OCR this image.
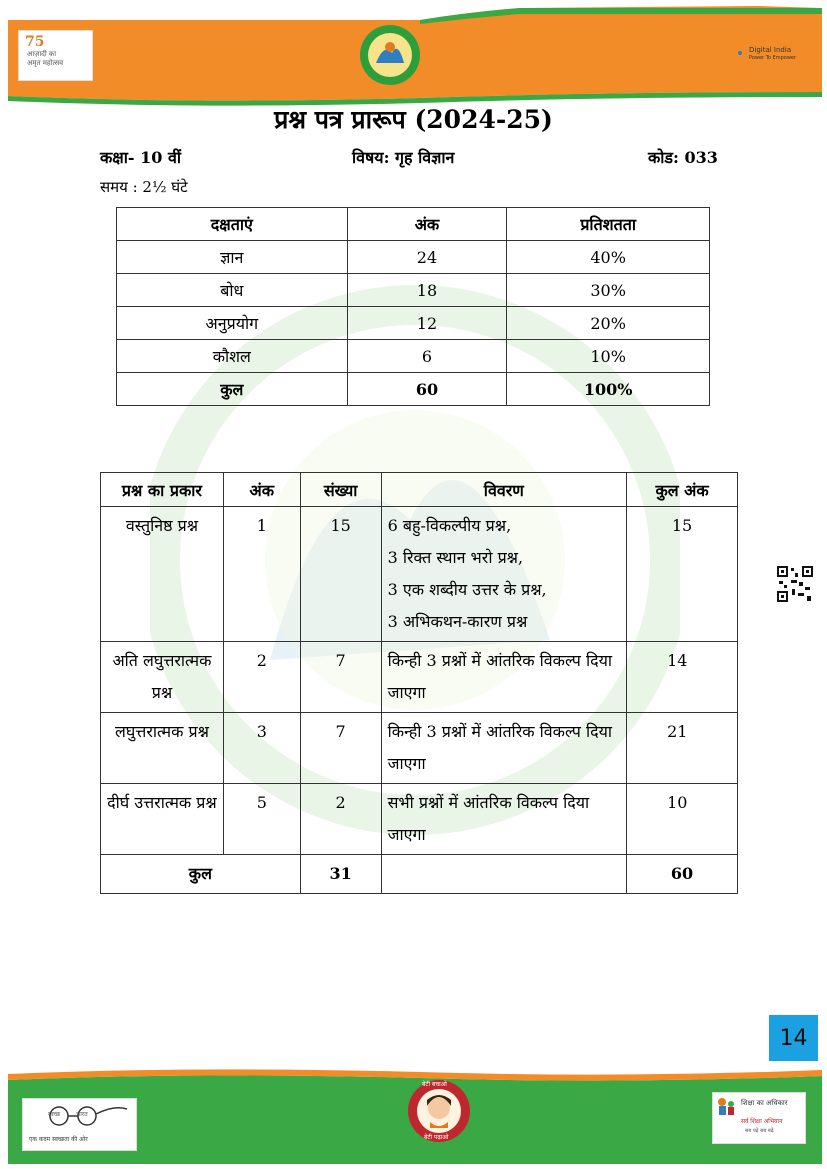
75
आज़ादी का
अमृत महोत्सव
Digital India
Power To Empower
प्रश्न पत्र प्रारूप (2024-25)
कक्षा- 10 वीं	विषय: गृह विज्ञान	कोड: 033
समय : 2½ घंटे
दक्षताएं	अंक	प्रतिशतता
ज्ञान	24	40%
बोध	18	30%
अनुप्रयोग	12	20%
कौशल	6	10%
कुल	60	100%
प्रश्न का प्रकार	अंक	संख्या	विवरण	कुल अंक
वस्तुनिष्ठ प्रश्न	1	15	6 बहु-विकल्पीय प्रश्न,
3 रिक्त स्थान भरो प्रश्न,
3 एक शब्दीय उत्तर के प्रश्न,
3 अभिकथन-कारण प्रश्न	15
अति लघुत्तरात्मक प्रश्न	2	7	किन्ही 3 प्रश्नों में आंतरिक विकल्प दिया जाएगा	14
लघुत्तरात्मक प्रश्न	3	7	किन्ही 3 प्रश्नों में आंतरिक विकल्प दिया जाएगा	21
दीर्घ उत्तरात्मक प्रश्न	5	2	सभी प्रश्नों में आंतरिक विकल्प दिया जाएगा	10
कुल		31		60
14
स्वच्छ	भारत
एक कदम स्वच्छता की ओर
बेटी बचाओ
बेटी पढ़ाओ
शिक्षा का अधिकार
सर्व शिक्षा अभियान
सब पढ़ें सब बढ़ें
